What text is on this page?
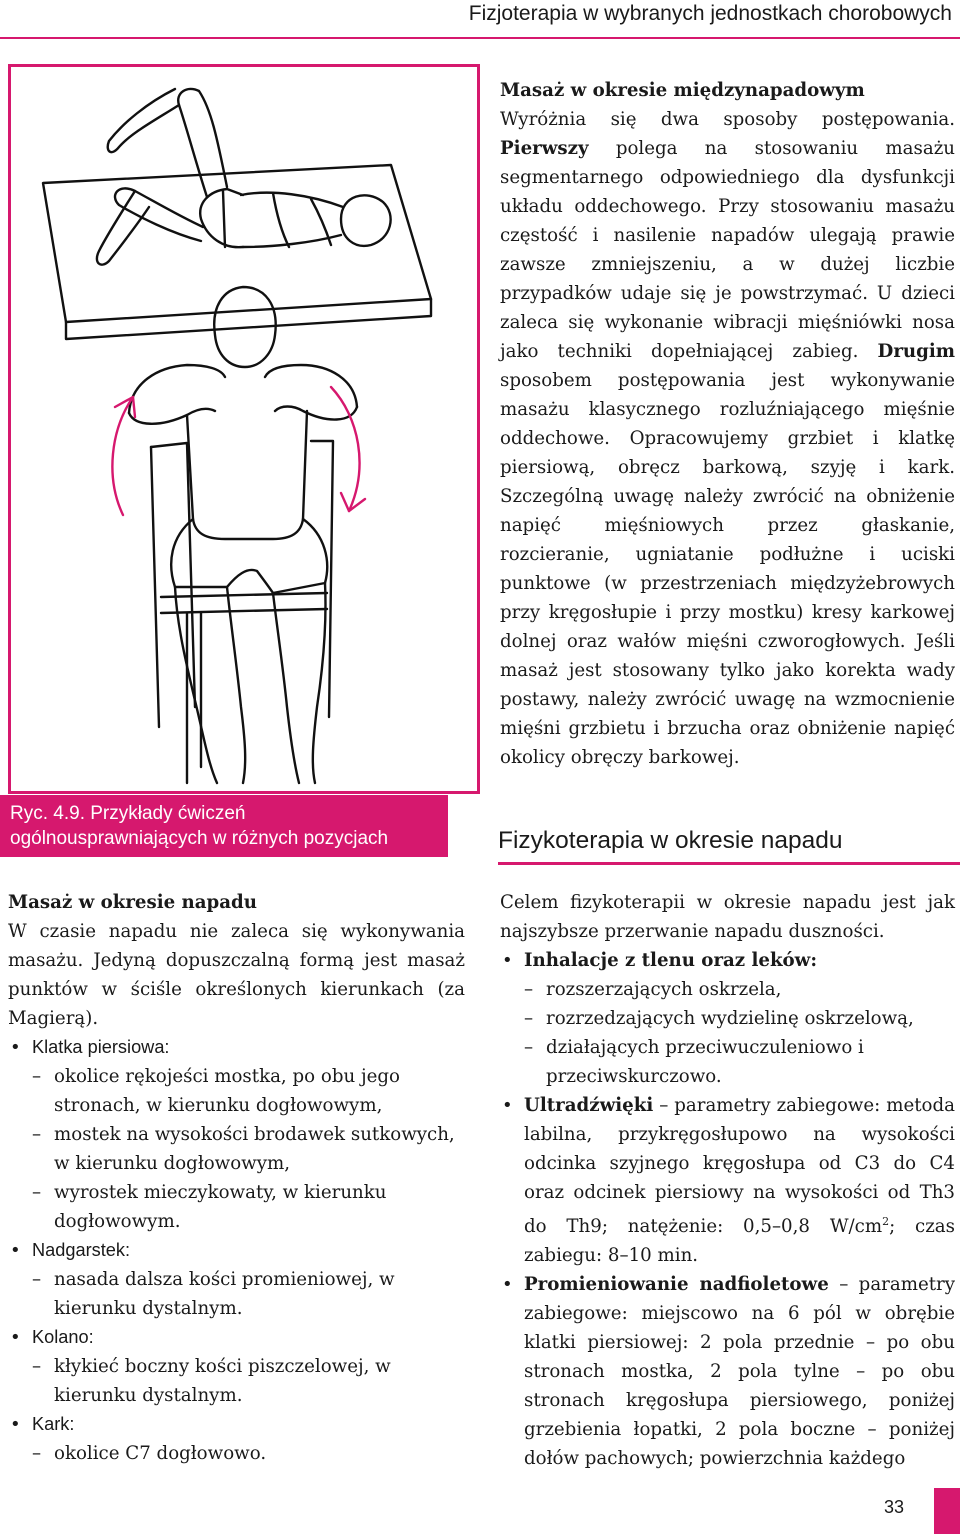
Fizjoterapia w wybranych jednostkach chorobowych
Ryc. 4.9. Przykłady ćwiczeń ogólnousprawniających w różnych pozycjach
Masaż w okresie międzynapadowym

Wyróżnia się dwa sposoby postępowania. Pierwszy polega na stosowaniu masażu segmentarnego odpowiedniego dla dysfunkcji układu oddechowego. Przy stosowaniu masażu częstość i nasilenie napadów ulegają prawie zawsze zmniejszeniu, a w dużej liczbie przypadków udaje się je powstrzymać. U dzieci zaleca się wykonanie wibracji mięśniówki nosa jako techniki dopełniającej zabieg. Drugim sposobem postępowania jest wykonywanie masażu klasycznego rozluźniającego mięśnie oddechowe. Opracowujemy grzbiet i klatkę piersiową, obręcz barkową, szyję i kark. Szczególną uwagę należy zwrócić na obniżenie napięć mięśniowych przez głaskanie, rozcieranie, ugniatanie podłużne i uciski punktowe (w przestrzeniach międzyżebrowych przy kręgosłupie i przy mostku) kresy karkowej dolnej oraz wałów mięśni czworogłowych. Jeśli masaż jest stosowany tylko jako korekta wady postawy, należy zwrócić uwagę na wzmocnienie mięśni grzbietu i brzucha oraz obniżenie napięć okolicy obręczy barkowej.

Fizykoterapia w okresie napadu
Masaż w okresie napadu

W czasie napadu nie zaleca się wykonywania masażu. Jedyną dopuszczalną formą jest masaż punktów w ściśle określonych kierunkach (za Magierą).

• Klatka piersiowa:
– okolice rękojeści mostka, po obu jego stronach, w kierunku dogłowowym,
– mostek na wysokości brodawek sutkowych, w kierunku dogłowowym,
– wyrostek mieczykowaty, w kierunku dogłowowym.
• Nadgarstek:
– nasada dalsza kości promieniowej, w kierunku dystalnym.
• Kolano:
– kłykieć boczny kości piszczelowej, w kierunku dystalnym.
• Kark:
– okolice C7 dogłowowo.

Celem fizykoterapii w okresie napadu jest jak najszybsze przerwanie napadu duszności.

• Inhalacje z tlenu oraz leków:
– rozszerzających oskrzela,
– rozrzedzających wydzielinę oskrzelową,
– działających przeciwuczuleniowo i przeciwskurczowo.
• Ultradźwięki – parametry zabiegowe: metoda labilna, przykręgosłupowo na wysokości odcinka szyjnego kręgosłupa od C3 do C4 oraz odcinek piersiowy na wysokości od Th3 do Th9; natężenie: 0,5–0,8 $W/cm^2$; czas zabiegu: 8–10 min.
• Promieniowanie nadfioletowe – parametry zabiegowe: miejscowo na 6 pól w obrębie klatki piersiowej: 2 pola przednie – po obu stronach mostka, 2 pola tylne – po obu stronach kręgosłupa piersiowego, poniżej grzebienia łopatki, 2 pola boczne – poniżej dołów pachowych; powierzchnia każdego
33
